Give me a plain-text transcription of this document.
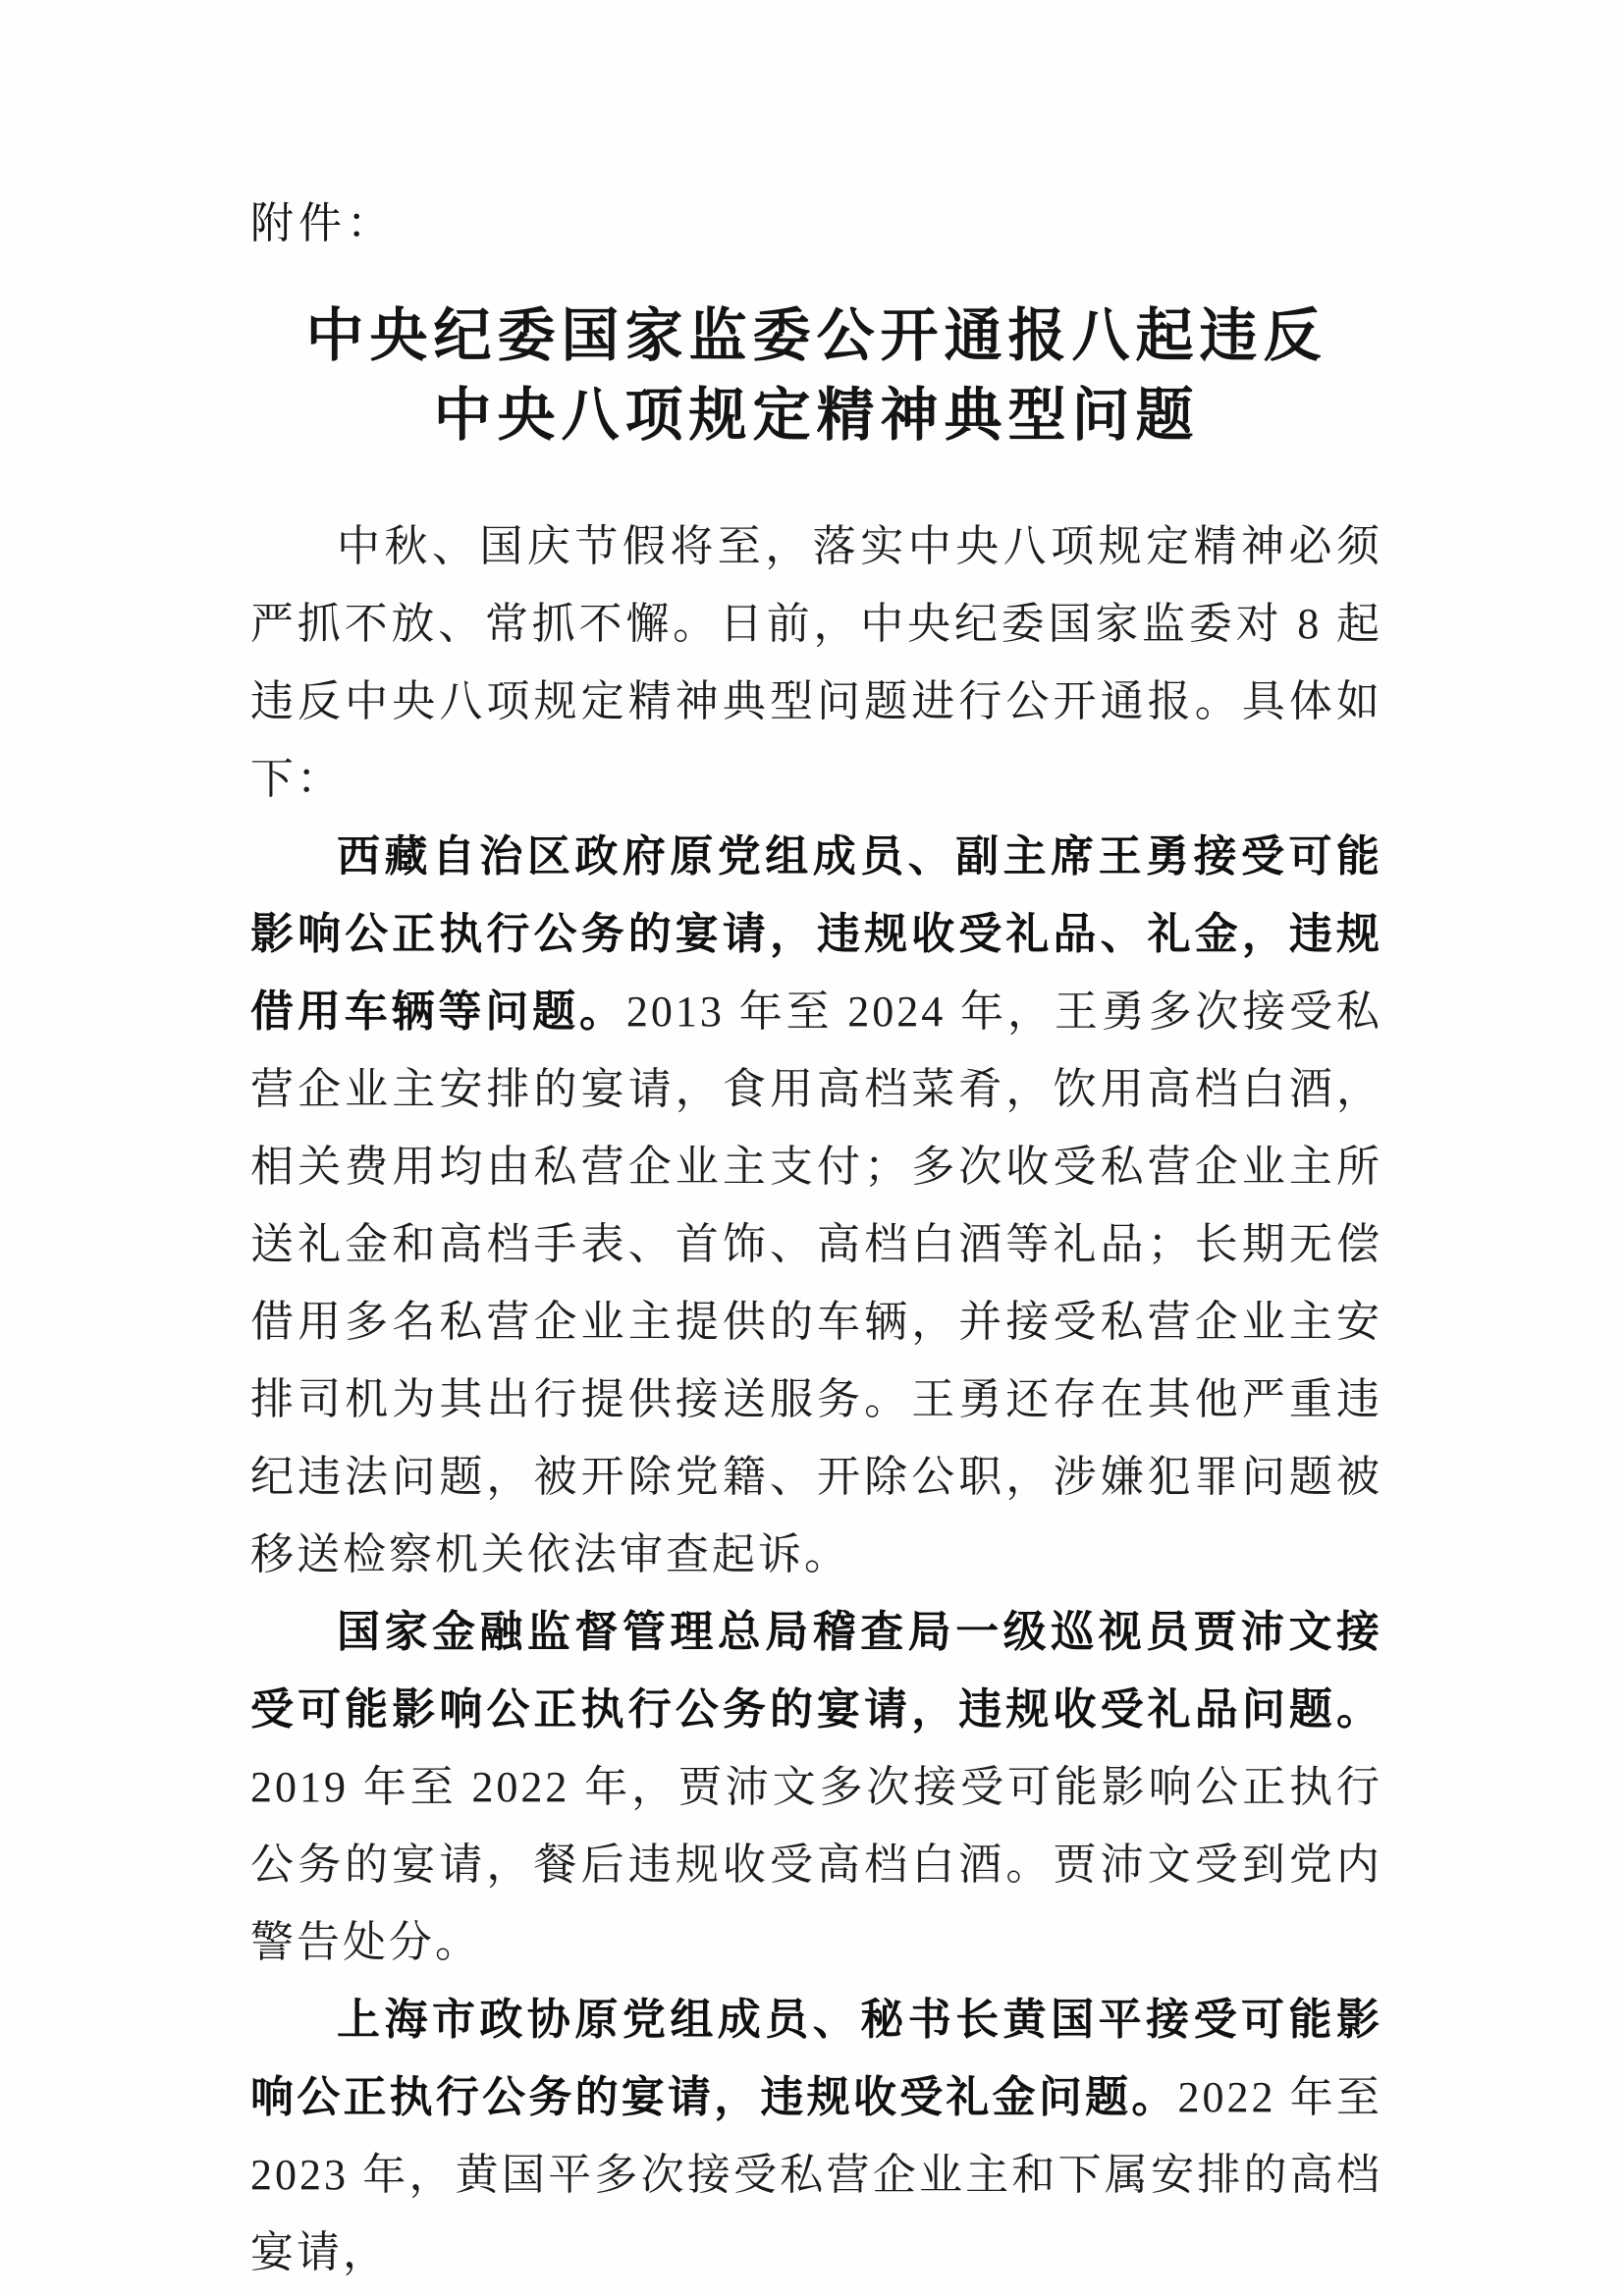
附件：
中央纪委国家监委公开通报八起违反
中央八项规定精神典型问题

中秋、国庆节假将至，落实中央八项规定精神必须严抓不放、常抓不懈。日前，中央纪委国家监委对 8 起违反中央八项规定精神典型问题进行公开通报。具体如下：

西藏自治区政府原党组成员、副主席王勇接受可能影响公正执行公务的宴请，违规收受礼品、礼金，违规借用车辆等问题。2013 年至 2024 年，王勇多次接受私营企业主安排的宴请，食用高档菜肴，饮用高档白酒，相关费用均由私营企业主支付；多次收受私营企业主所送礼金和高档手表、首饰、高档白酒等礼品；长期无偿借用多名私营企业主提供的车辆，并接受私营企业主安排司机为其出行提供接送服务。王勇还存在其他严重违纪违法问题，被开除党籍、开除公职，涉嫌犯罪问题被移送检察机关依法审查起诉。

国家金融监督管理总局稽查局一级巡视员贾沛文接受可能影响公正执行公务的宴请，违规收受礼品问题。2019 年至 2022 年，贾沛文多次接受可能影响公正执行公务的宴请，餐后违规收受高档白酒。贾沛文受到党内警告处分。

上海市政协原党组成员、秘书长黄国平接受可能影响公正执行公务的宴请，违规收受礼金问题。2022 年至 2023 年，黄国平多次接受私营企业主和下属安排的高档宴请，
